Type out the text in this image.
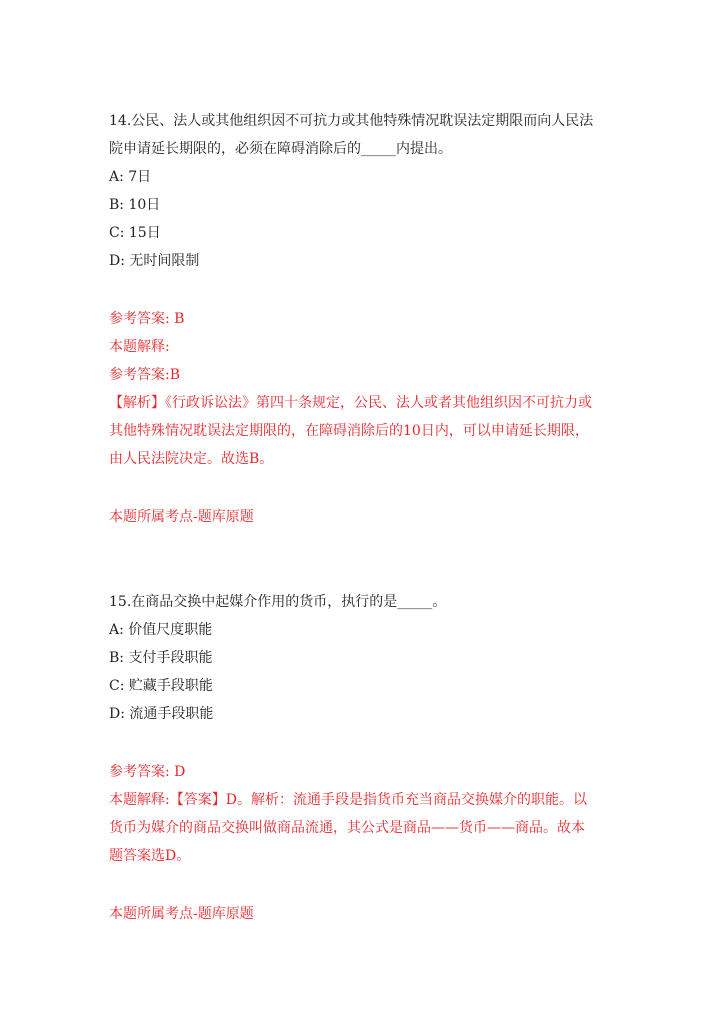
14.公民、法人或其他组织因不可抗力或其他特殊情况耽误法定期限而向人民法
院申请延长期限的，必须在障碍消除后的_____内提出。
A: 7日
B: 10日
C: 15日
D: 无时间限制
参考答案: B
本题解释:
参考答案:B
【解析】《行政诉讼法》第四十条规定，公民、法人或者其他组织因不可抗力或
其他特殊情况耽误法定期限的，在障碍消除后的10日内，可以申请延长期限，
由人民法院决定。故选B。
本题所属考点-题库原题
15.在商品交换中起媒介作用的货币，执行的是_____。
A: 价值尺度职能
B: 支付手段职能
C: 贮藏手段职能
D: 流通手段职能
参考答案: D
本题解释:【答案】D。解析：流通手段是指货币充当商品交换媒介的职能。以
货币为媒介的商品交换叫做商品流通，其公式是商品——货币——商品。故本
题答案选D。
本题所属考点-题库原题
